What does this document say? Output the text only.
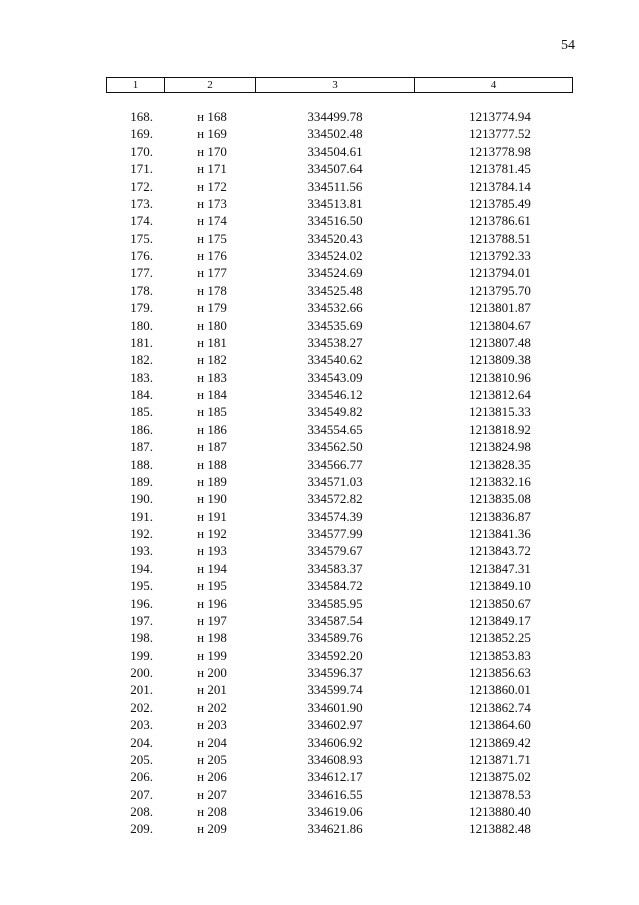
54
1	2	3	4
168.	н 168	334499.78	1213774.94
169.	н 169	334502.48	1213777.52
170.	н 170	334504.61	1213778.98
171.	н 171	334507.64	1213781.45
172.	н 172	334511.56	1213784.14
173.	н 173	334513.81	1213785.49
174.	н 174	334516.50	1213786.61
175.	н 175	334520.43	1213788.51
176.	н 176	334524.02	1213792.33
177.	н 177	334524.69	1213794.01
178.	н 178	334525.48	1213795.70
179.	н 179	334532.66	1213801.87
180.	н 180	334535.69	1213804.67
181.	н 181	334538.27	1213807.48
182.	н 182	334540.62	1213809.38
183.	н 183	334543.09	1213810.96
184.	н 184	334546.12	1213812.64
185.	н 185	334549.82	1213815.33
186.	н 186	334554.65	1213818.92
187.	н 187	334562.50	1213824.98
188.	н 188	334566.77	1213828.35
189.	н 189	334571.03	1213832.16
190.	н 190	334572.82	1213835.08
191.	н 191	334574.39	1213836.87
192.	н 192	334577.99	1213841.36
193.	н 193	334579.67	1213843.72
194.	н 194	334583.37	1213847.31
195.	н 195	334584.72	1213849.10
196.	н 196	334585.95	1213850.67
197.	н 197	334587.54	1213849.17
198.	н 198	334589.76	1213852.25
199.	н 199	334592.20	1213853.83
200.	н 200	334596.37	1213856.63
201.	н 201	334599.74	1213860.01
202.	н 202	334601.90	1213862.74
203.	н 203	334602.97	1213864.60
204.	н 204	334606.92	1213869.42
205.	н 205	334608.93	1213871.71
206.	н 206	334612.17	1213875.02
207.	н 207	334616.55	1213878.53
208.	н 208	334619.06	1213880.40
209.	н 209	334621.86	1213882.48
